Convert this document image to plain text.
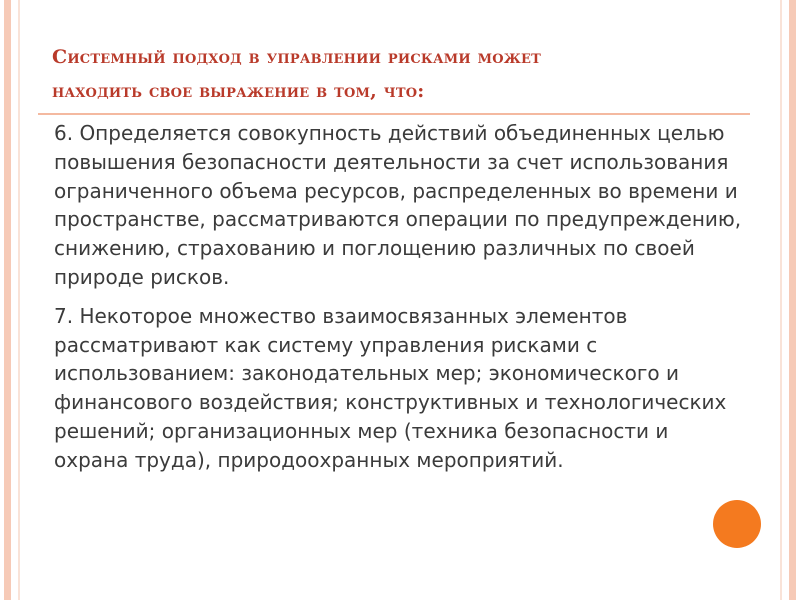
Системный подход в управлении рисками может
находить свое выражение в том, что:

6. Определяется совокупность действий объединенных целью
повышения безопасности деятельности за счет использования
ограниченного объема ресурсов, распределенных во времени и
пространстве, рассматриваются операции по предупреждению,
снижению, страхованию и поглощению различных по своей
природе рисков.

7. Некоторое множество взаимосвязанных элементов
рассматривают как систему управления рисками с
использованием: законодательных мер; экономического и
финансового воздействия; конструктивных и технологических
решений; организационных мер (техника безопасности и
охрана труда), природоохранных мероприятий.
